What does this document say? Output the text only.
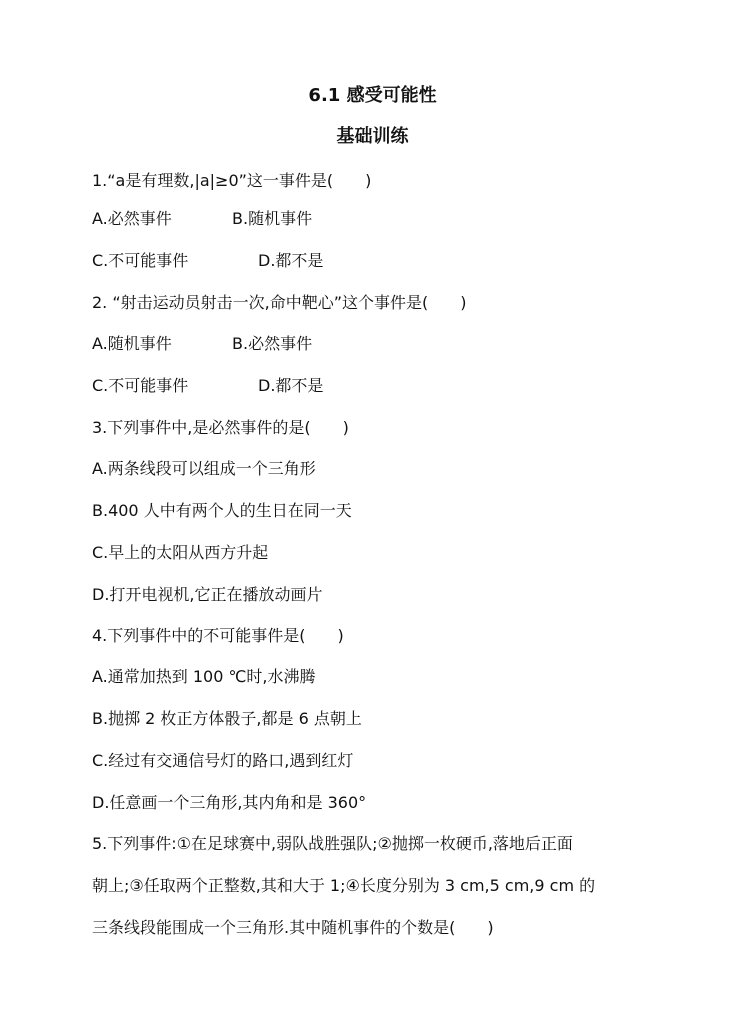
6.1 感受可能性
基础训练

1.“a是有理数,|a|≥0”这一事件是(　　)

A.必然事件	B.随机事件

C.不可能事件	D.都不是

2. “射击运动员射击一次,命中靶心”这个事件是(　　)

A.随机事件	B.必然事件

C.不可能事件	D.都不是

3.下列事件中,是必然事件的是(　　)

A.两条线段可以组成一个三角形

B.400 人中有两个人的生日在同一天

C.早上的太阳从西方升起

D.打开电视机,它正在播放动画片

4.下列事件中的不可能事件是(　　)

A.通常加热到 100 ℃时,水沸腾

B.抛掷 2 枚正方体骰子,都是 6 点朝上

C.经过有交通信号灯的路口,遇到红灯

D.任意画一个三角形,其内角和是 360°

5.下列事件:①在足球赛中,弱队战胜强队;②抛掷一枚硬币,落地后正面

朝上;③任取两个正整数,其和大于 1;④长度分别为 3 cm,5 cm,9 cm 的

三条线段能围成一个三角形.其中随机事件的个数是(　　)
